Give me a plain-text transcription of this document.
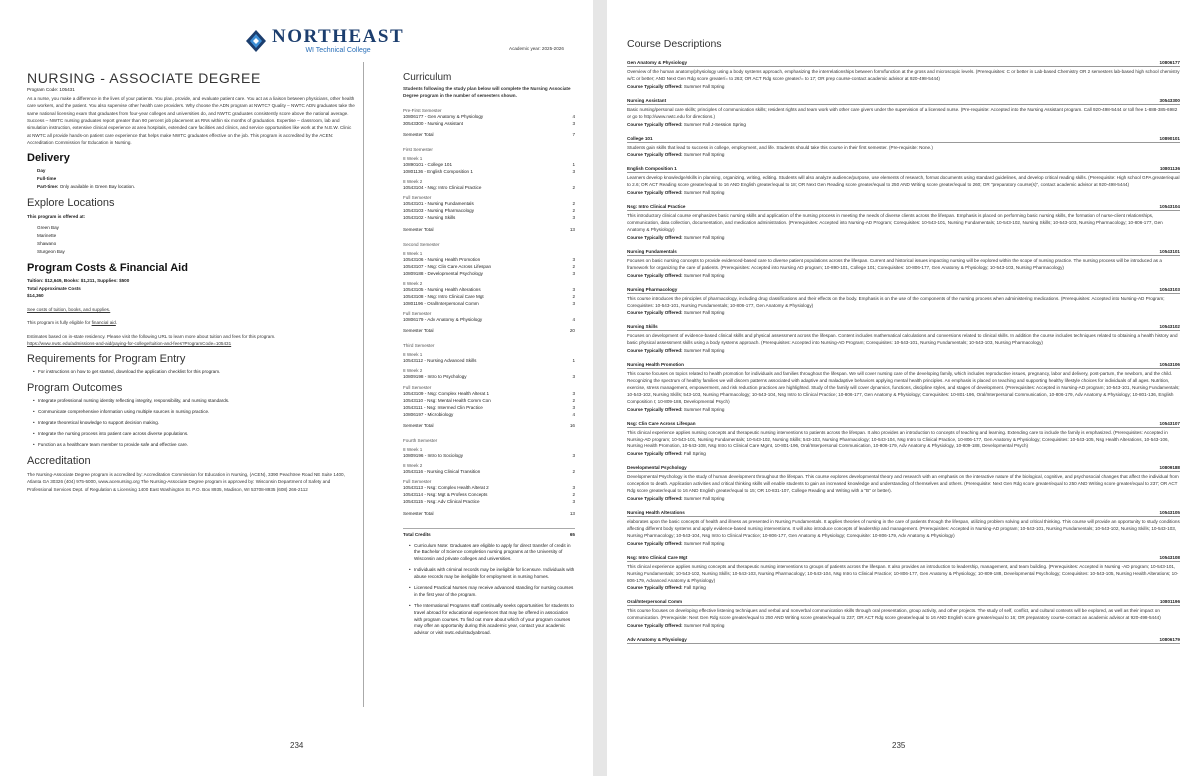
NORTHEAST
WI Technical College	Academic year: 2025-2026
NURSING - ASSOCIATE DEGREE
Program Code: 105431
As a nurse, you make a difference in the lives of your patients. You plan, provide, and evaluate patient care. You act as a liaison between physicians, other health care workers, and the patient. You also supervise other health care providers. Why choose the ADN program at NWTC? Quality – NWTC ADN graduates take the same national licensing exam that graduates from four-year colleges and universities do, and NWTC graduates consistently score above the national average. Success – NWTC nursing graduates report greater than 90 percent job placement as RNs within six months of graduation. Expertise – classroom, lab and simulation instruction, extensive clinical experience at area hospitals, extended care facilities and clinics, and service opportunities like work at the N.E.W. Clinic at NWTC all provide hands-on patient care experience that helps make NWTC graduates effective on the job. This program is accredited by the ACEN: Accreditation Commission for Education in Nursing.
Delivery
Day
Full-time
Part-time: Only available in Green Bay location.
Explore Locations
This program is offered at:
Green Bay
Marinette
Shawano
Sturgeon Bay
Program Costs & Financial Aid
Tuition: $12,649, Books: $1,211, Supplies: $500
Total Approximate Costs
$14,360
See costs of tuition, books, and supplies.
This program is fully eligible for financial aid.
Estimates based on in-state residency. Please visit the following URL to learn more about tuition and fees for this program.
https://www.nwtc.edu/admissions-and-aid/paying-for-college/tuition-and-fees?ProgramCode=105431
Requirements for Program Entry
• For instructions on how to get started, download the application checklist for this program.
Program Outcomes
• Integrate professional nursing identity reflecting integrity, responsibility, and nursing standards.
• Communicate comprehensive information using multiple sources in nursing practice.
• Integrate theoretical knowledge to support decision making.
• Integrate the nursing process into patient care across diverse populations.
• Function as a healthcare team member to provide safe and effective care.
Accreditation
The Nursing-Associate Degree program is accredited by: Accreditation Commission for Education in Nursing, (ACEN), 3390 Peachtree Road NE Suite 1400, Atlanta GA 30326 (404) 975-5000, www.acenursing.org The Nursing-Associate Degree program is approved by: Wisconsin Department of Safety and Professional Services Dept. of Regulation & Licensing 1400 East Washington St. P.O. Box 8935, Madison, WI 53708-8935 (608) 266-2112
Curriculum
Students following the study plan below will complete the Nursing Associate Degree program in the number of semesters shown.
Pre-First Semester
10806177 - Gen Anatomy & Physiology	4
30543300 - Nursing Assistant	3
Semester Total	7
First Semester
8 Week 1
10890101 - College 101	1
10801136 - English Composition 1	3
8 Week 2
10543104 - Nsg: Intro Clinical Practice	2
Full Semester
10543101 - Nursing Fundamentals	2
10543103 - Nursing Pharmacology	2
10543102 - Nursing Skills	3
Semester Total	13
Second Semester
8 Week 1
10543106 - Nursing Health Promotion	3
10543107 - Nsg: Clin Care Across Lifespan	2
10809188 - Developmental Psychology	3
8 Week 2
10543105 - Nursing Health Alterations	3
10543108 - Nsg: Intro Clinical Care Mgt	2
10801196 - Oral/Interpersonal Comm	3
Full Semester
10806179 - Adv Anatomy & Physiology	4
Semester Total	20
Third Semester
8 Week 1
10543112 - Nursing Advanced Skills	1
8 Week 2
10809198 - Intro to Psychology	3
Full Semester
10543109 - Nsg: Complex Health Alterat 1	3
10543110 - Nsg: Mental Health Comm Con	2
10543111 - Nsg: Intermed Clin Practice	3
10806197 - Microbiology	4
Semester Total	16
Fourth Semester
8 Week 1
10809196 - Intro to Sociology	3
8 Week 2
10543116 - Nursing Clinical Transition	2
Full Semester
10543113 - Nsg: Complex Health Alterat 2	3
10543114 - Nsg: Mgt & Profess Concepts	2
10543115 - Nsg: Adv Clinical Practice	3
Semester Total	13
Total Credits	65
• Curriculum Note: Graduates are eligible to apply for direct transfer of credit in the Bachelor of Science completion nursing programs at the University of Wisconsin and private colleges and universities.
• Individuals with criminal records may be ineligible for licensure. Individuals with abuse records may be ineligible for employment in nursing homes.
• Licensed Practical Nurses may receive advanced standing for nursing courses in the first year of the program.
• The International Programs staff continually seeks opportunities for students to travel abroad for educational experiences that may be offered in association with program courses. To find out more about which of your program courses may offer an opportunity during this academic year, contact your academic advisor or visit nwtc.edu/studyabroad.
234
Course Descriptions
Gen Anatomy & Physiology	10806177
Overview of the human anatomy/physiology using a body systems approach, emphasizing the interrelationships between form/function at the gross and microscopic levels. (Prerequisites: C or better in Lab-based Chemistry OR 2 semesters lab-based high school chemistry w/C or better; AND Next Gen Rdg score greater/= to 263; OR ACT Rdg score greater/= to 17; OR prep course-contact academic advisor at 920-498-5444)
Course Typically Offered: Summer Fall Spring
Nursing Assistant	30543300
Basic nursing/personal care skills; principles of communication skills; resident rights and team work with other care givers under the supervision of a licensed nurse. (Pre-requisite: Accepted into the Nursing Assistant program. Call 920-498-5444 or toll free 1-888-385-6982 or go to http://www.nwtc.edu for directions.)
Course Typically Offered: Summer Fall J-Session Spring
College 101	10890101
Students gain skills that lead to success in college, employment, and life. Students should take this course in their first semester. (Pre-requisite: None.)
Course Typically Offered: Summer Fall Spring
English Composition 1	10801136
Learners develop knowledge/skills in planning, organizing, writing, editing. Students will also analyze audience/purpose, use elements of research, format documents using standard guidelines, and develop critical reading skills. (Prerequisite: High school GPA greater/equal to 2.6; OR ACT Reading score greater/equal to 16 AND English greater/equal to 18; OR Next Gen Reading score greater/equal to 250 AND Writing score greater/equal to 260; OR "preparatory course(s)", contact academic advisor at 920-498-5444)
Course Typically Offered: Summer Fall Spring
Nsg: Intro Clinical Practice	10543104
This introductory clinical course emphasizes basic nursing skills and application of the nursing process in meeting the needs of diverse clients across the lifespan. Emphasis is placed on performing basic nursing skills, the formation of nurse-client relationships, communication, data collection, documentation, and medication administration. (Prerequisites: Accepted into Nursing-AD Program; Corequisites: 10-543-101, Nursing Fundamentals; 10-543-102, Nursing Skills; 10-543-103, Nursing Pharmacology; 10-806-177, Gen Anatomy & Physiology)
Course Typically Offered: Summer Fall Spring
Nursing Fundamentals	10543101
Focuses on basic nursing concepts to provide evidenced-based care to diverse patient populations across the lifespan. Current and historical issues impacting nursing will be explored within the scope of nursing practice. The nursing process will be introduced as a framework for organizing the care of patients. (Prerequisites: Accepted into Nursing AD program; 10-890-101, College 101; Corequisites: 10-806-177, Gen Anatomy & Physiology; 10-543-103, Nursing Pharmacology)
Course Typically Offered: Summer Fall Spring
Nursing Pharmacology	10543103
This course introduces the principles of pharmacology, including drug classifications and their effects on the body. Emphasis is on the use of the components of the nursing process when administering medications. (Prerequisites: Accepted into Nursing-AD Program; Corequisites: 10-543-101, Nursing Fundamentals; 10-806-177, Gen Anatomy & Physiology)
Course Typically Offered: Summer Fall Spring
Nursing Skills	10543102
Focuses on development of evidence-based clinical skills and physical assessment across the lifespan. Content includes mathematical calculations and conversions related to clinical skills. In addition the course includes techniques related to obtaining a health history and basic physical assessment skills using a body systems approach. (Prerequisites: Accepted into Nursing-AD Program; Corequisites: 10-543-101, Nursing Fundamentals; 10-543-103, Nursing Pharmacology)
Course Typically Offered: Summer Fall Spring
Nursing Health Promotion	10543106
This course focuses on topics related to health promotion for individuals and families throughout the lifespan. We will cover nursing care of the developing family, which includes reproductive issues, pregnancy, labor and delivery, post-partum, the newborn, and the child. Recognizing the spectrum of healthy families we will discern patterns associated with adaptive and maladaptive behaviors applying mental health principles. An emphasis is placed on teaching and supporting healthy lifestyle choices for individuals of all ages. Nutrition, exercise, stress management, empowerment, and risk reduction practices are highlighted. Study of the family will cover dynamics, functions, discipline styles, and stages of development. (Prerequisites: Accepted in Nursing-AD program; 10-543-101, Nursing Fundamentals; 10-543-102, Nursing Skills; 543-103, Nursing Pharmacology; 10-543-104, Nsg Intro to Clinical Practice; 10-806-177, Gen Anatomy & Physiology; Corequisites: 10-801-196, Oral/Interpersonal Communication, 10-806-179, Adv Anatomy & Physiology; 10-801-136, English Composition I; 10-809-188, Developmental Psych)
Course Typically Offered: Summer Fall Spring
Nsg: Clin Care Across Lifespan	10543107
This clinical experience applies nursing concepts and therapeutic nursing interventions to patients across the lifespan. It also provides an introduction to concepts of teaching and learning. Extending care to include the family is emphasized. (Prerequisites: Accepted in Nursing-AD program; 10-543-101, Nursing Fundamentals; 10-543-102, Nursing Skills; 543-103, Nursing Pharmacology; 10-543-104, Nsg Intro to Clinical Practice, 10-806-177, Gen Anatomy & Physiology; Corequisites: 10-543-105, Nsg Health Alterations, 10-543-106, Nursing Health Promotion, 10-543-108, Nsg Intro to Clinical Care Mgmt, 10-801-196, Oral/Interpersonal Communication, 10-806-179, Adv Anatomy & Physiology, 10-809-188, Developmental Psych)
Course Typically Offered: Fall Spring
Developmental Psychology	10809188
Developmental Psychology is the study of human development throughout the lifespan. This course explores developmental theory and research with an emphasis on the interactive nature of the biological, cognitive, and psychosocial changes that affect the individual from conception to death. Application activities and critical thinking skills will enable students to gain an increased knowledge and understanding of themselves and others. (Prerequisite: Next Gen Rdg score greater/equal to 250 AND Writing score greater/equal to 237; OR ACT Rdg score greater/equal to 16 AND English greater/equal to 15; OR 10-831-107, College Reading and Writing with a "B" or better).
Course Typically Offered: Summer Fall Spring
Nursing Health Alterations	10543105
elaborates upon the basic concepts of health and illness as presented in Nursing Fundamentals. It applies theories of nursing in the care of patients through the lifespan, utilizing problem solving and critical thinking. This course will provide an opportunity to study conditions affecting different body systems and apply evidence-based nursing interventions. It will also introduce concepts of leadership and management. (Prerequisites: Accepted in Nursing-AD program; 10-543-101, Nursing Fundamentals; 10-543-102, Nursing Skills; 10-543-103, Nursing Pharmacology; 10-543-104, Nsg Intro to Clinical Practice; 10-806-177, Gen Anatomy & Physiology; Corequisite: 10-806-179, Adv Anatomy & Physiology)
Course Typically Offered: Summer Fall Spring
Nsg: Intro Clinical Care Mgt	10543108
This clinical experience applies nursing concepts and therapeutic nursing interventions to groups of patients across the lifespan. It also provides an introduction to leadership, management, and team building. (Prerequisites: Accepted in Nursing -AD program; 10-543-101, Nursing Fundamentals; 10-543-102, Nursing Skills; 10-543-103, Nursing Pharmacology; 10-543-104, Nsg Intro to Clinical Practice; 10-806-177, Gen Anatomy & Physiology; 10-809-188, Developmental Psychology; Corequisites: 10-543-105, Nursing Health Alterations; 10-806-179, Advanced Anatomy & Physiology)
Course Typically Offered: Fall Spring
Oral/Interpersonal Comm	10801196
This course focuses on developing effective listening techniques and verbal and nonverbal communication skills through oral presentation, group activity, and other projects. The study of self, conflict, and cultural contexts will be explored, as well as their impact on communication. (Prerequisite: Next Gen Rdg score greater/equal to 250 AND Writing score greater/equal to 237; OR ACT Rdg score greater/equal to 16 AND English score greater/equal to 16; OR preparatory course-contact an academic advisor at 920-498-5444)
Course Typically Offered: Summer Fall Spring
Adv Anatomy & Physiology	10806179
235
